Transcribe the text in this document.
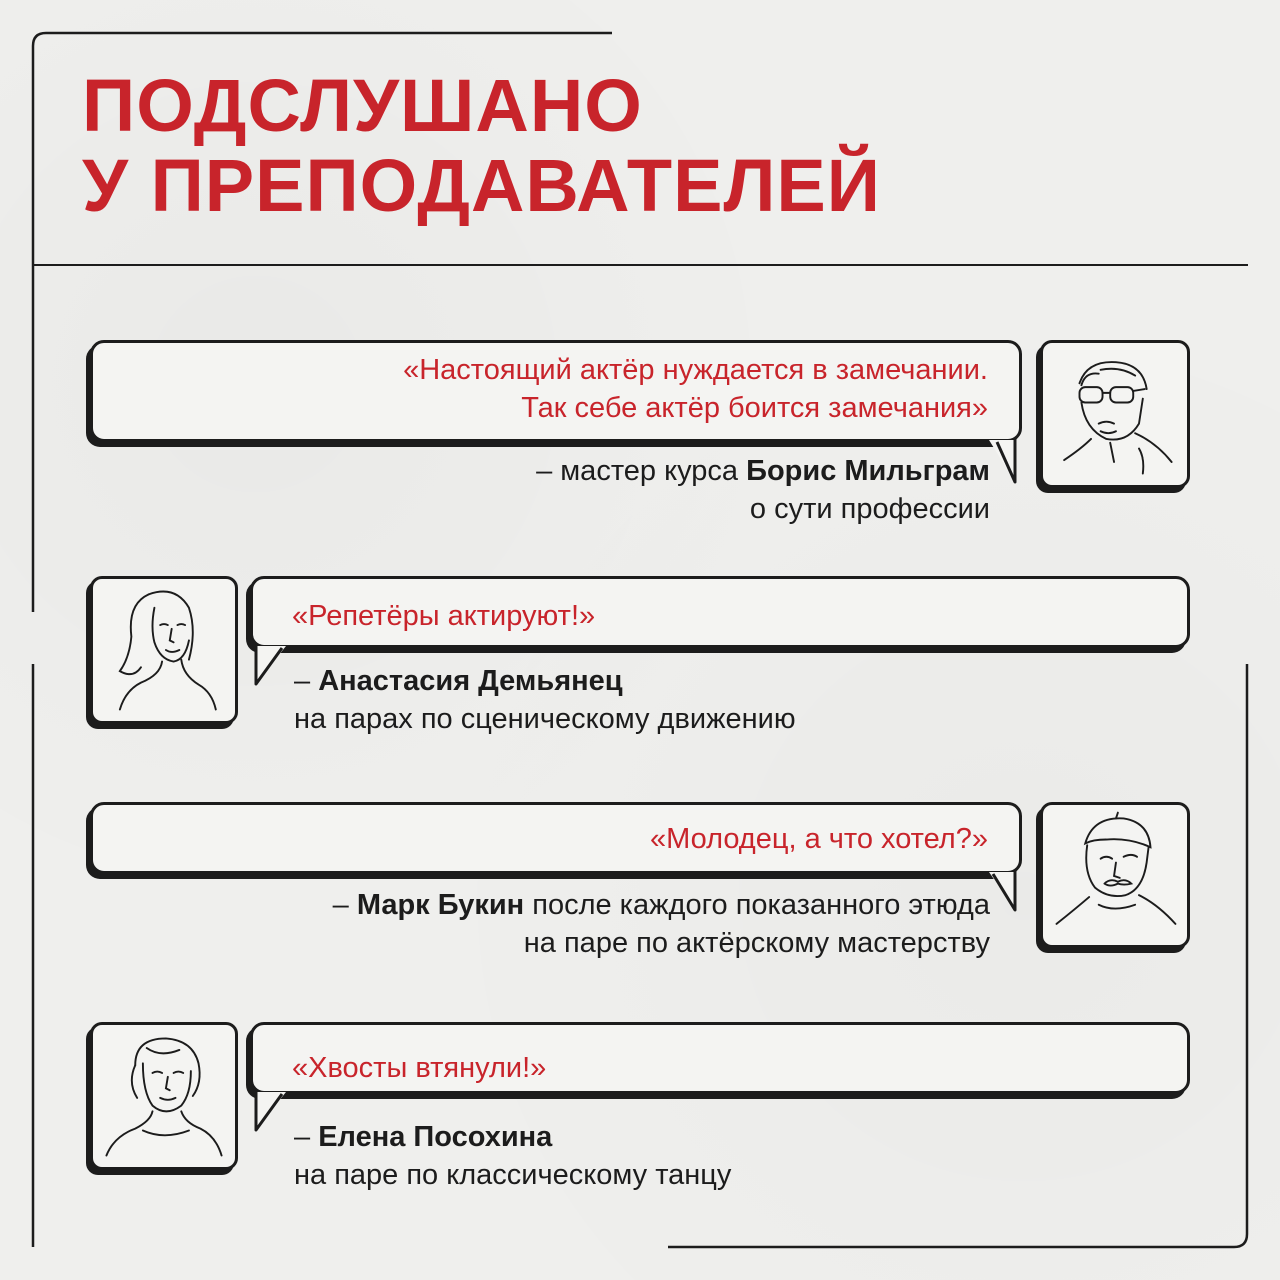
ПОДСЛУШАНО
У ПРЕПОДАВАТЕЛЕЙ
«Настоящий актёр нуждается в замечании.
Так себе актёр боится замечания»
– мастер курса Борис Мильграм
о сути профессии
«Репетёры актируют!»
– Анастасия Демьянец
на парах по сценическому движению
«Молодец, а что хотел?»
– Марк Букин после каждого показанного этюда
на паре по актёрскому мастерству
«Хвосты втянули!»
– Елена Посохина
на паре по классическому танцу
